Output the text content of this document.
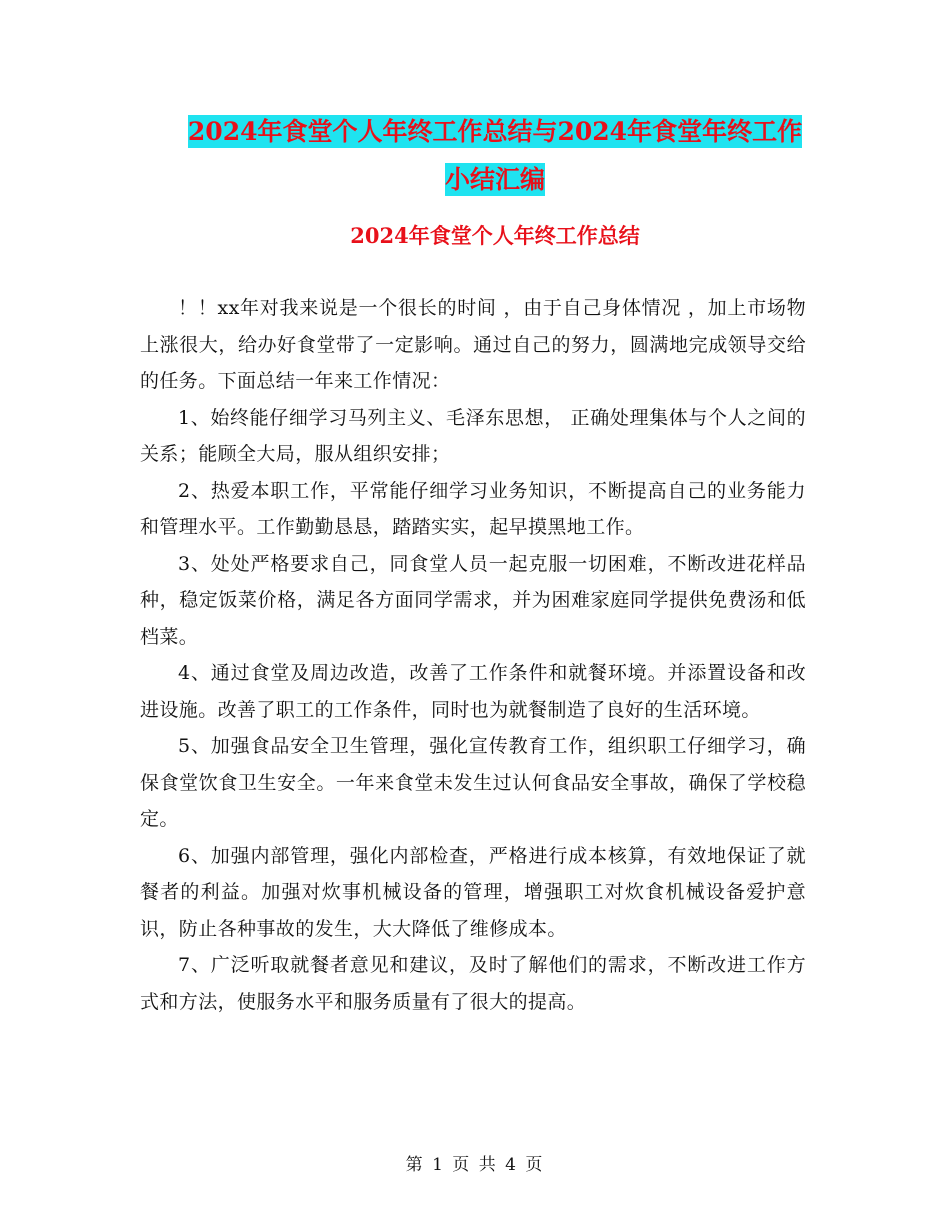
2024年食堂个人年终工作总结与2024年食堂年终工作
小结汇编
2024年食堂个人年终工作总结

！！xx年对我来说是一个很长的时间 ，由于自己身体情况 ，加上市场物上涨很大，给办好食堂带了一定影响。通过自己的努力，圆满地完成领导交给的任务。下面总结一年来工作情况：

1、始终能仔细学习马列主义、毛泽东思想， 正确处理集体与个人之间的关系；能顾全大局，服从组织安排；

2、热爱本职工作，平常能仔细学习业务知识，不断提高自己的业务能力和管理水平。工作勤勤恳恳，踏踏实实，起早摸黑地工作。

3、处处严格要求自己，同食堂人员一起克服一切困难，不断改进花样品种，稳定饭菜价格，满足各方面同学需求，并为困难家庭同学提供免费汤和低档菜。

4、通过食堂及周边改造，改善了工作条件和就餐环境。并添置设备和改进设施。改善了职工的工作条件，同时也为就餐制造了良好的生活环境。

5、加强食品安全卫生管理，强化宣传教育工作，组织职工仔细学习，确保食堂饮食卫生安全。一年来食堂未发生过认何食品安全事故，确保了学校稳定。

6、加强内部管理，强化内部检查，严格进行成本核算，有效地保证了就餐者的利益。加强对炊事机械设备的管理，增强职工对炊食机械设备爱护意识，防止各种事故的发生，大大降低了维修成本。

7、广泛听取就餐者意见和建议，及时了解他们的需求，不断改进工作方式和方法，使服务水平和服务质量有了很大的提高。

第 1 页 共 4 页
